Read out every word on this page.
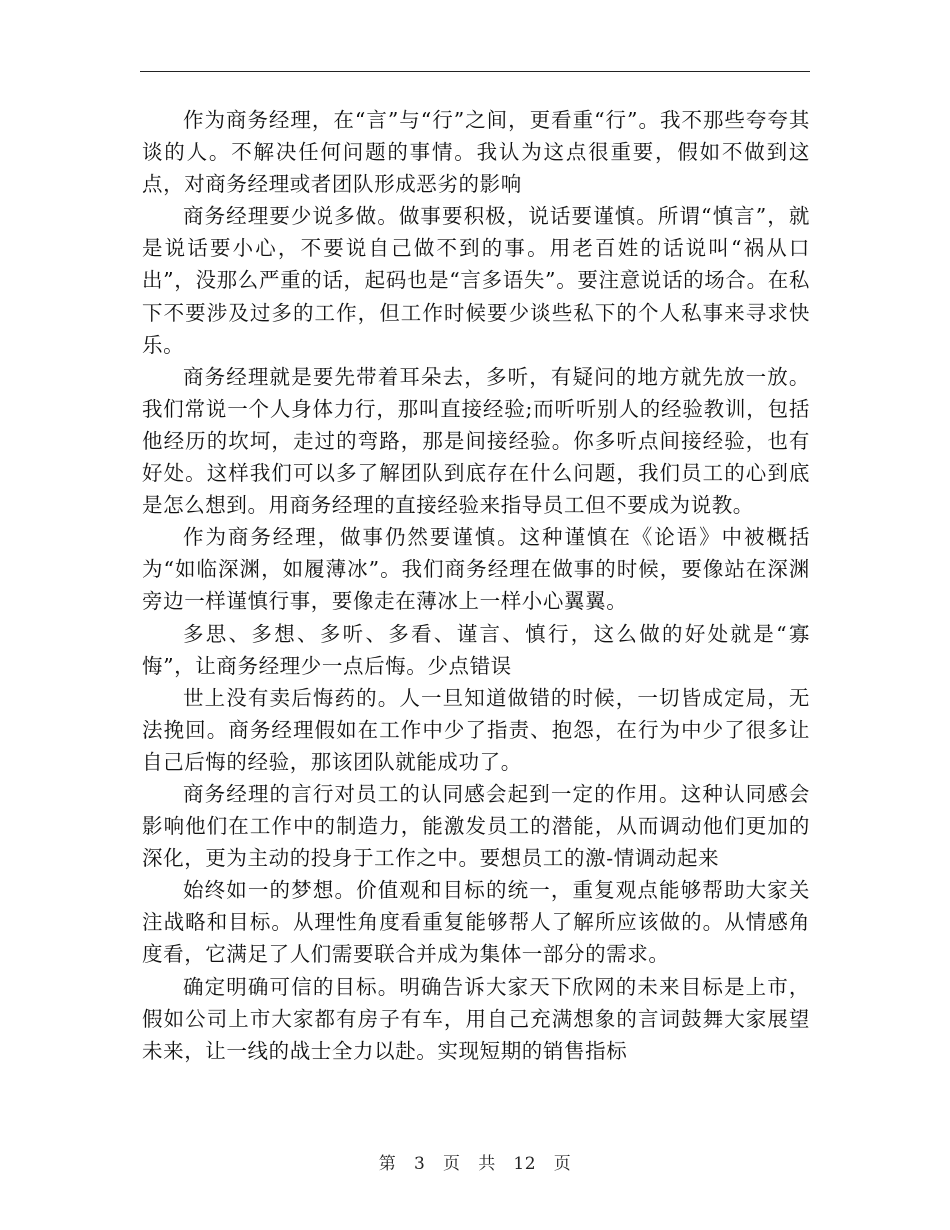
作为商务经理，在“言”与“行”之间，更看重“行”。我不那些夸夸其谈的人。不解决任何问题的事情。我认为这点很重要，假如不做到这点，对商务经理或者团队形成恶劣的影响

商务经理要少说多做。做事要积极，说话要谨慎。所谓“慎言”，就是说话要小心，不要说自己做不到的事。用老百姓的话说叫“祸从口出”，没那么严重的话，起码也是“言多语失”。要注意说话的场合。在私下不要涉及过多的工作，但工作时候要少谈些私下的个人私事来寻求快乐。

商务经理就是要先带着耳朵去，多听，有疑问的地方就先放一放。我们常说一个人身体力行，那叫直接经验;而听听别人的经验教训，包括他经历的坎坷，走过的弯路，那是间接经验。你多听点间接经验，也有好处。这样我们可以多了解团队到底存在什么问题，我们员工的心到底是怎么想到。用商务经理的直接经验来指导员工但不要成为说教。

作为商务经理，做事仍然要谨慎。这种谨慎在《论语》中被概括为“如临深渊，如履薄冰”。我们商务经理在做事的时候，要像站在深渊旁边一样谨慎行事，要像走在薄冰上一样小心翼翼。

多思、多想、多听、多看、谨言、慎行，这么做的好处就是“寡悔”，让商务经理少一点后悔。少点错误

世上没有卖后悔药的。人一旦知道做错的时候，一切皆成定局，无法挽回。商务经理假如在工作中少了指责、抱怨，在行为中少了很多让自己后悔的经验，那该团队就能成功了。

商务经理的言行对员工的认同感会起到一定的作用。这种认同感会影响他们在工作中的制造力，能激发员工的潜能，从而调动他们更加的深化，更为主动的投身于工作之中。要想员工的激-情调动起来

始终如一的梦想。价值观和目标的统一，重复观点能够帮助大家关注战略和目标。从理性角度看重复能够帮人了解所应该做的。从情感角度看，它满足了人们需要联合并成为集体一部分的需求。

确定明确可信的目标。明确告诉大家天下欣网的未来目标是上市，假如公司上市大家都有房子有车，用自己充满想象的言词鼓舞大家展望未来，让一线的战士全力以赴。实现短期的销售指标

第 3 页 共 12 页
